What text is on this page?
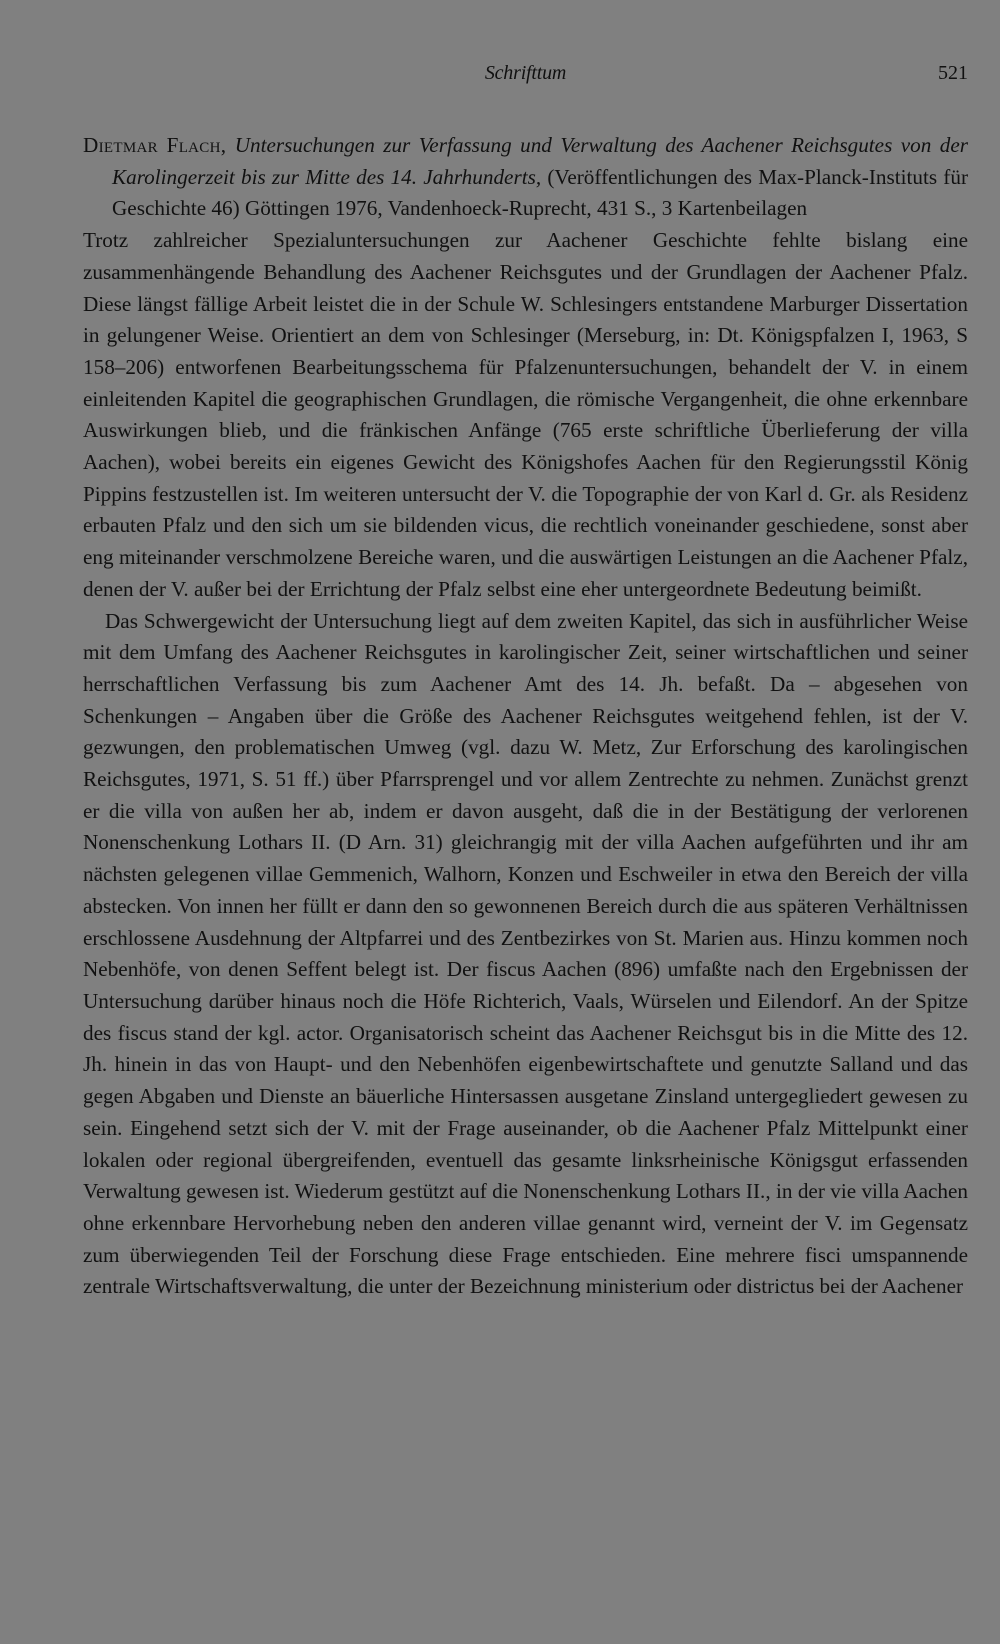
Schrifttum	521

Dietmar Flach, Untersuchungen zur Verfassung und Verwaltung des Aachener Reichsgutes von der Karolingerzeit bis zur Mitte des 14. Jahrhunderts, (Veröffentlichungen des Max-Planck-Instituts für Geschichte 46) Göttingen 1976, Vandenhoeck-Ruprecht, 431 S., 3 Kartenbeilagen

Trotz zahlreicher Spezialuntersuchungen zur Aachener Geschichte fehlte bislang eine zusammenhängende Behandlung des Aachener Reichsgutes und der Grundlagen der Aachener Pfalz. Diese längst fällige Arbeit leistet die in der Schule W. Schlesingers entstandene Marburger Dissertation in gelungener Weise. Orientiert an dem von Schlesinger (Merseburg, in: Dt. Königspfalzen I, 1963, S 158–206) entworfenen Bearbeitungsschema für Pfalzenuntersuchungen, behandelt der V. in einem einleitenden Kapitel die geographischen Grundlagen, die römische Vergangenheit, die ohne erkennbare Auswirkungen blieb, und die fränkischen Anfänge (765 erste schriftliche Überlieferung der villa Aachen), wobei bereits ein eigenes Gewicht des Königshofes Aachen für den Regierungsstil König Pippins festzustellen ist. Im weiteren untersucht der V. die Topographie der von Karl d. Gr. als Residenz erbauten Pfalz und den sich um sie bildenden vicus, die rechtlich voneinander geschiedene, sonst aber eng miteinander verschmolzene Bereiche waren, und die auswärtigen Leistungen an die Aachener Pfalz, denen der V. außer bei der Errichtung der Pfalz selbst eine eher untergeordnete Bedeutung beimißt.

Das Schwergewicht der Untersuchung liegt auf dem zweiten Kapitel, das sich in ausführlicher Weise mit dem Umfang des Aachener Reichsgutes in karolingischer Zeit, seiner wirtschaftlichen und seiner herrschaftlichen Verfassung bis zum Aachener Amt des 14. Jh. befaßt. Da – abgesehen von Schenkungen – Angaben über die Größe des Aachener Reichsgutes weitgehend fehlen, ist der V. gezwungen, den problematischen Umweg (vgl. dazu W. Metz, Zur Erforschung des karolingischen Reichsgutes, 1971, S. 51 ff.) über Pfarrsprengel und vor allem Zentrechte zu nehmen. Zunächst grenzt er die villa von außen her ab, indem er davon ausgeht, daß die in der Bestätigung der verlorenen Nonenschenkung Lothars II. (D Arn. 31) gleichrangig mit der villa Aachen aufgeführten und ihr am nächsten gelegenen villae Gemmenich, Walhorn, Konzen und Eschweiler in etwa den Bereich der villa abstecken. Von innen her füllt er dann den so gewonnenen Bereich durch die aus späteren Verhältnissen erschlossene Ausdehnung der Altpfarrei und des Zentbezirkes von St. Marien aus. Hinzu kommen noch Nebenhöfe, von denen Seffent belegt ist. Der fiscus Aachen (896) umfaßte nach den Ergebnissen der Untersuchung darüber hinaus noch die Höfe Richterich, Vaals, Würselen und Eilendorf. An der Spitze des fiscus stand der kgl. actor. Organisatorisch scheint das Aachener Reichsgut bis in die Mitte des 12. Jh. hinein in das von Haupt- und den Nebenhöfen eigenbewirtschaftete und genutzte Salland und das gegen Abgaben und Dienste an bäuerliche Hintersassen ausgetane Zinsland untergegliedert gewesen zu sein. Eingehend setzt sich der V. mit der Frage auseinander, ob die Aachener Pfalz Mittelpunkt einer lokalen oder regional übergreifenden, eventuell das gesamte linksrheinische Königsgut erfassenden Verwaltung gewesen ist. Wiederum gestützt auf die Nonenschenkung Lothars II., in der vie villa Aachen ohne erkennbare Hervorhebung neben den anderen villae genannt wird, verneint der V. im Gegensatz zum überwiegenden Teil der Forschung diese Frage entschieden. Eine mehrere fisci umspannende zentrale Wirtschaftsverwaltung, die unter der Bezeichnung ministerium oder districtus bei der Aachener
